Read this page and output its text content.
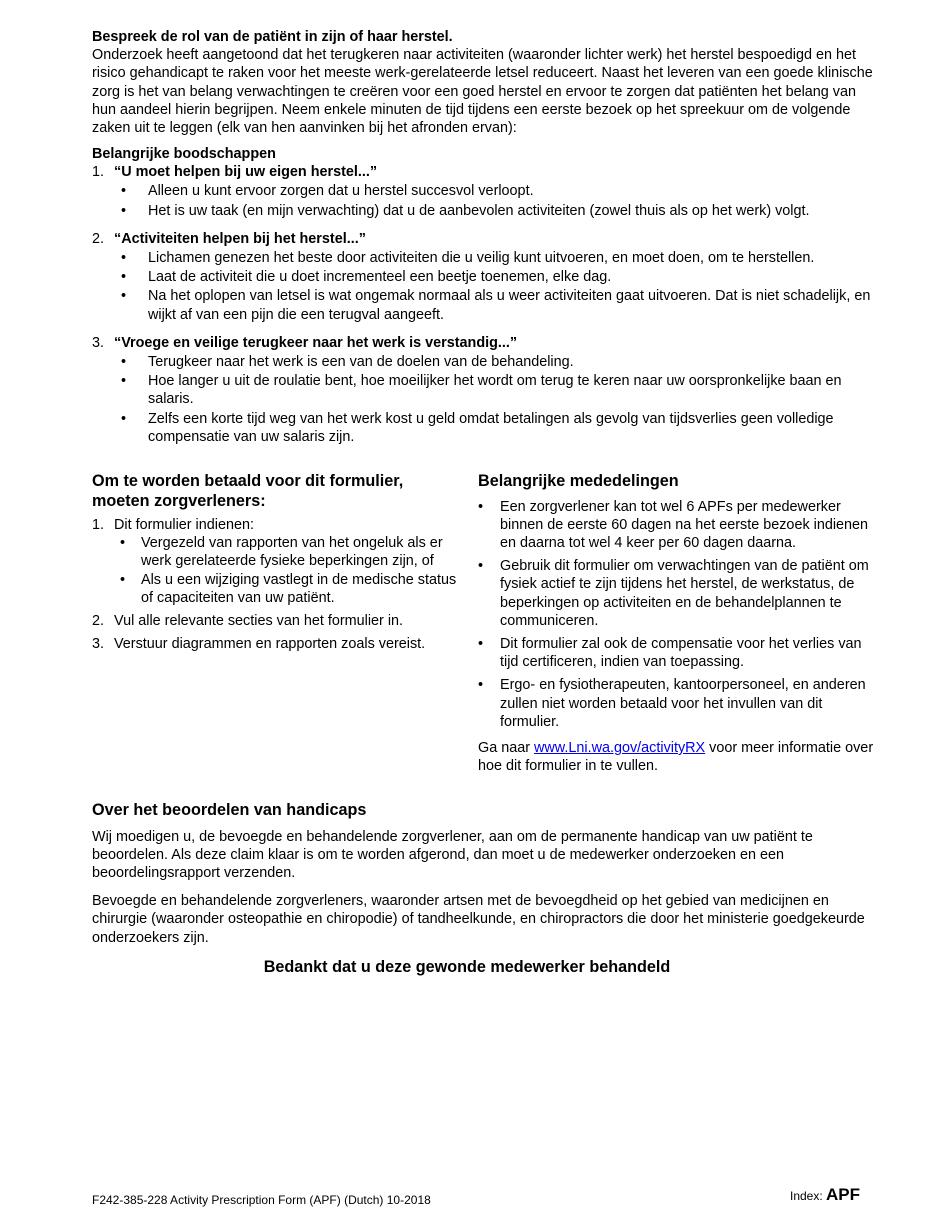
Bespreek de rol van de patiënt in zijn of haar herstel.

Onderzoek heeft aangetoond dat het terugkeren naar activiteiten (waaronder lichter werk) het herstel bespoedigd en het risico gehandicapt te raken voor het meeste werk-gerelateerde letsel reduceert. Naast het leveren van een goede klinische zorg is het van belang verwachtingen te creëren voor een goed herstel en ervoor te zorgen dat patiënten het belang van hun aandeel hierin begrijpen. Neem enkele minuten de tijd tijdens een eerste bezoek op het spreekuur om de volgende zaken uit te leggen (elk van hen aanvinken bij het afronden ervan):

Belangrijke boodschappen

1. “U moet helpen bij uw eigen herstel...”
• Alleen u kunt ervoor zorgen dat u herstel succesvol verloopt.
• Het is uw taak (en mijn verwachting) dat u de aanbevolen activiteiten (zowel thuis als op het werk) volgt.
2. “Activiteiten helpen bij het herstel...”
• Lichamen genezen het beste door activiteiten die u veilig kunt uitvoeren, en moet doen, om te herstellen.
• Laat de activiteit die u doet incrementeel een beetje toenemen, elke dag.
• Na het oplopen van letsel is wat ongemak normaal als u weer activiteiten gaat uitvoeren. Dat is niet schadelijk, en wijkt af van een pijn die een terugval aangeeft.
3. “Vroege en veilige terugkeer naar het werk is verstandig...”
• Terugkeer naar het werk is een van de doelen van de behandeling.
• Hoe langer u uit de roulatie bent, hoe moeilijker het wordt om terug te keren naar uw oorspronkelijke baan en salaris.
• Zelfs een korte tijd weg van het werk kost u geld omdat betalingen als gevolg van tijdsverlies geen volledige compensatie van uw salaris zijn.
Om te worden betaald voor dit formulier, moeten zorgverleners:
1. Dit formulier indienen:
• Vergezeld van rapporten van het ongeluk als er werk gerelateerde fysieke beperkingen zijn, of
• Als u een wijziging vastlegt in de medische status of capaciteiten van uw patiënt.
2. Vul alle relevante secties van het formulier in.
3. Verstuur diagrammen en rapporten zoals vereist.
Belangrijke mededelingen
• Een zorgverlener kan tot wel 6 APFs per medewerker binnen de eerste 60 dagen na het eerste bezoek indienen en daarna tot wel 4 keer per 60 dagen daarna.
• Gebruik dit formulier om verwachtingen van de patiënt om fysiek actief te zijn tijdens het herstel, de werkstatus, de beperkingen op activiteiten en de behandelplannen te communiceren.
• Dit formulier zal ook de compensatie voor het verlies van tijd certificeren, indien van toepassing.
• Ergo- en fysiotherapeuten, kantoorpersoneel, en anderen zullen niet worden betaald voor het invullen van dit formulier.

Ga naar www.Lni.wa.gov/activityRX voor meer informatie over hoe dit formulier in te vullen.

Over het beoordelen van handicaps

Wij moedigen u, de bevoegde en behandelende zorgverlener, aan om de permanente handicap van uw patiënt te beoordelen. Als deze claim klaar is om te worden afgerond, dan moet u de medewerker onderzoeken en een beoordelingsrapport verzenden.

Bevoegde en behandelende zorgverleners, waaronder artsen met de bevoegdheid op het gebied van medicijnen en chirurgie (waaronder osteopathie en chiropodie) of tandheelkunde, en chiropractors die door het ministerie goedgekeurde onderzoekers zijn.

Bedankt dat u deze gewonde medewerker behandeld
F242-385-228 Activity Prescription Form (APF) (Dutch) 10-2018	Index: APF
